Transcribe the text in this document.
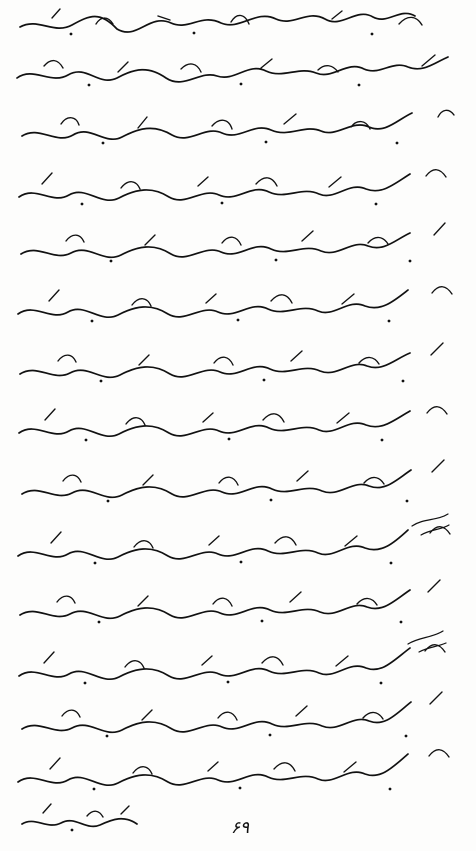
۶۹
